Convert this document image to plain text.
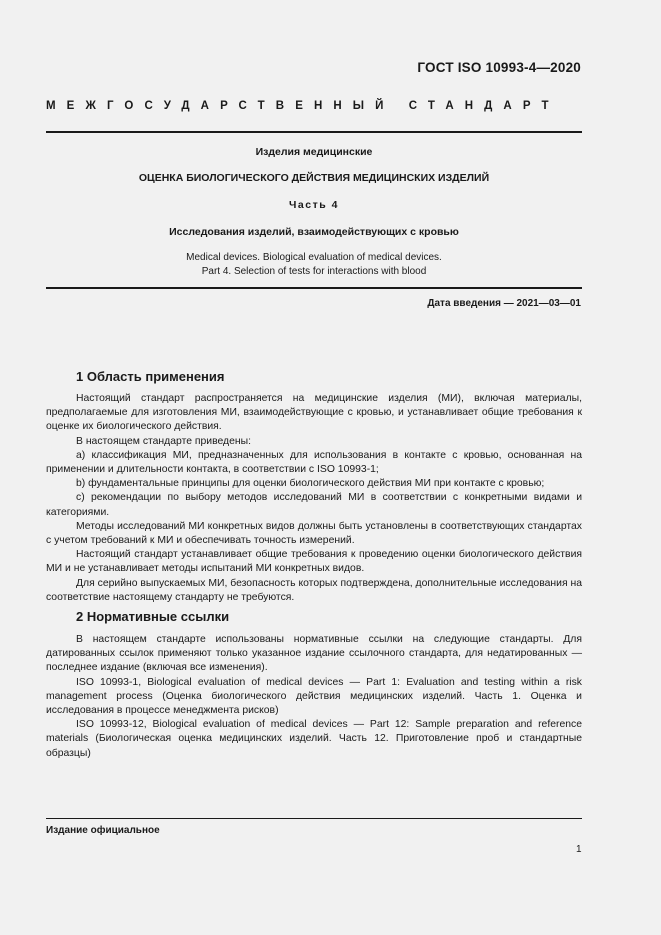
ГОСТ ISO 10993-4—2020
МЕЖГОСУДАРСТВЕННЫЙ СТАНДАРТ
Изделия медицинские
ОЦЕНКА БИОЛОГИЧЕСКОГО ДЕЙСТВИЯ МЕДИЦИНСКИХ ИЗДЕЛИЙ
Часть 4
Исследования изделий, взаимодействующих с кровью
Medical devices. Biological evaluation of medical devices.
Part 4. Selection of tests for interactions with blood
Дата введения — 2021—03—01
1 Область применения

Настоящий стандарт распространяется на медицинские изделия (МИ), включая материалы, предполагаемые для изготовления МИ, взаимодействующие с кровью, и устанавливает общие требования к оценке их биологического действия.

В настоящем стандарте приведены:

a) классификация МИ, предназначенных для использования в контакте с кровью, основанная на применении и длительности контакта, в соответствии с ISO 10993-1;

b) фундаментальные принципы для оценки биологического действия МИ при контакте с кровью;

c) рекомендации по выбору методов исследований МИ в соответствии с конкретными видами и категориями.

Методы исследований МИ конкретных видов должны быть установлены в соответствующих стандартах с учетом требований к МИ и обеспечивать точность измерений.

Настоящий стандарт устанавливает общие требования к проведению оценки биологического действия МИ и не устанавливает методы испытаний МИ конкретных видов.

Для серийно выпускаемых МИ, безопасность которых подтверждена, дополнительные исследования на соответствие настоящему стандарту не требуются.

2 Нормативные ссылки

В настоящем стандарте использованы нормативные ссылки на следующие стандарты. Для датированных ссылок применяют только указанное издание ссылочного стандарта, для недатированных — последнее издание (включая все изменения).

ISO 10993-1, Biological evaluation of medical devices — Part 1: Evaluation and testing within a risk management process (Оценка биологического действия медицинских изделий. Часть 1. Оценка и исследования в процессе менеджмента рисков)

ISO 10993-12, Biological evaluation of medical devices — Part 12: Sample preparation and reference materials (Биологическая оценка медицинских изделий. Часть 12. Приготовление проб и стандартные образцы)

Издание официальное
1
